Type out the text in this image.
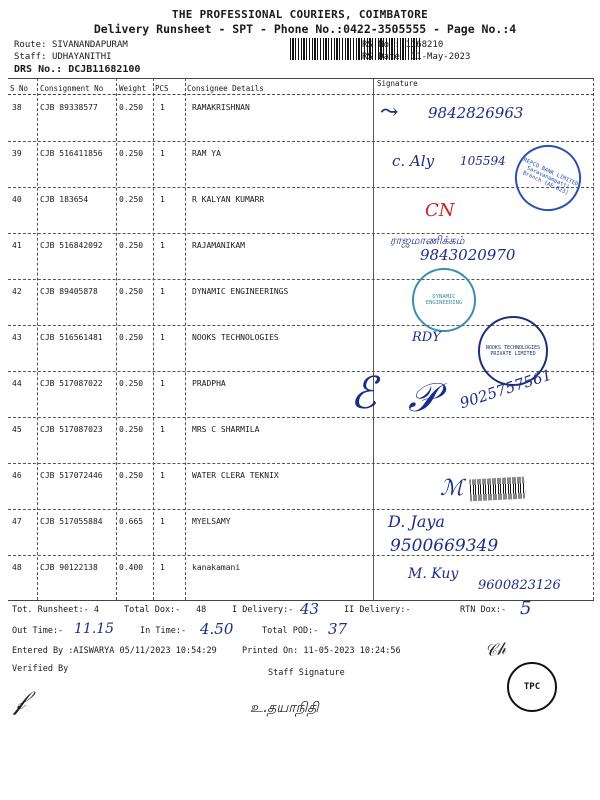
THE PROFESSIONAL COURIERS, COIMBATORE
Delivery Runsheet - SPT - Phone No.:0422-3505555 - Page No.:4
Route: SIVANANDAPURAM
Staff: UDHAYANITHI
DRS No.: DCJB11682100
RS No.: 1168210
RS Date: 11-May-2023
S No Consignment No Weight PCS Consignee Details
Signature
38 CJB 89338577	0.250 1	RAMAKRISHNAN
39 CJB 516411856 0.250 1	RAM YA
40 CJB 183654	0.250 1	R KALYAN KUMARR
41 CJB 516842092 0.250 1	RAJAMANIKAM
42 CJB 89405878	0.250 1	DYNAMIC ENGINEERINGS
43 CJB 516561481 0.250 1	NOOKS TECHNOLOGIES
44 CJB 517087022 0.250 1	PRADPHA
45 CJB 517087023 0.250 1	MRS C SHARMILA
46 CJB 517072446 0.250 1	WATER CLERA TEKNIX
47 CJB 517055884 0.665 1	MYELSAMY
48 CJB 90122138	0.400 1	kanakamani
REPCO BANK LIMITED Saravanampatti Branch (AE-823)
DYNAMIC ENGINEERING
NOOKS TECHNOLOGIES PRIVATE LIMITED
TPC
⤳ 9842826963
c. Aly 105594
CN
ராஜமாணிக்கம்
9843020970
RDY
ℰ 𝒫 9025757561
ℳ
D. Jaya
9500669349
M. Kuy
9600823126
Tot. Runsheet:- 4	Total Dox:- 48	I Delivery:- 43	II Delivery:-	RTN Dox:- 5
Out Time:- 11.15	In Time:- 4.50	Total POD:- 37
Entered By :AISWARYA 05/11/2023 10:54:29	Printed On: 11-05-2023 10:24:56
Verified By	Staff Signature
𝒻	உ.தயாநிதி
𝒞𝒽
